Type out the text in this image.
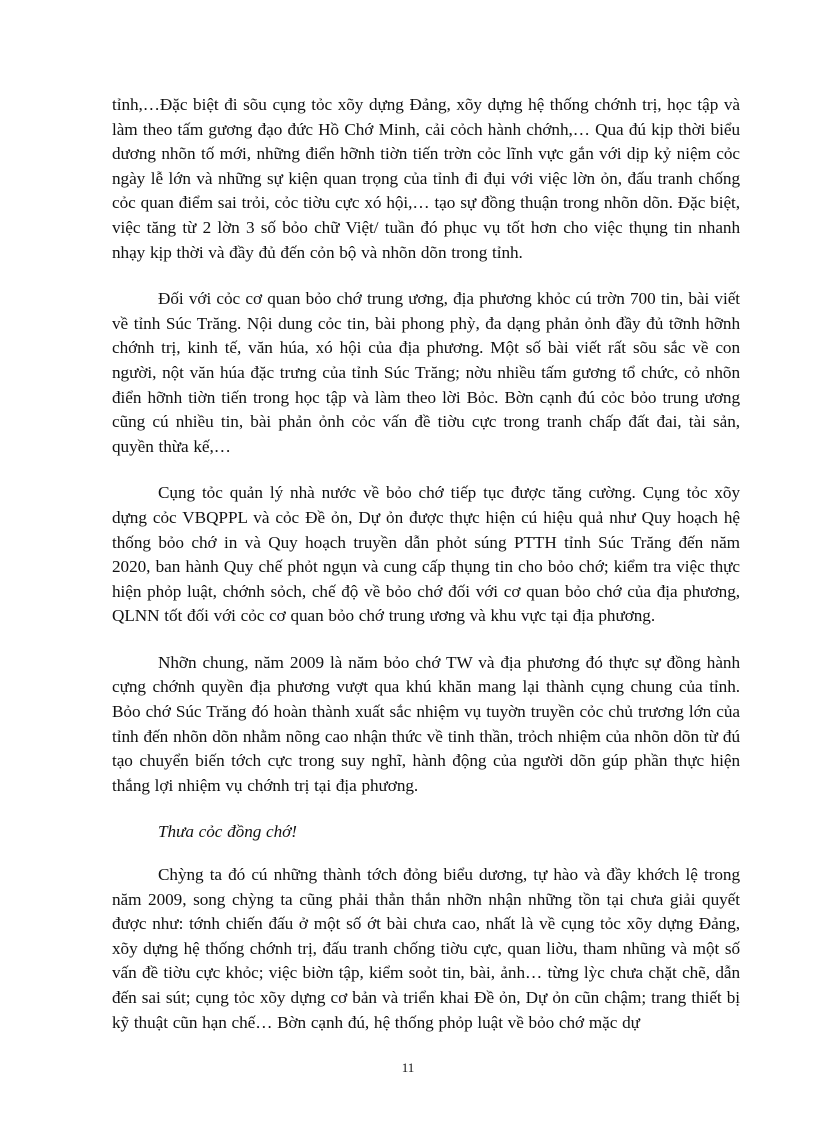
tỉnh,…Đặc biệt đi sõu cụng tỏc xõy dựng Đảng, xõy dựng hệ thống chớnh trị, học tập và làm theo tấm gương đạo đức Hồ Chớ Minh, cải cỏch hành chớnh,… Qua đú kịp thời biểu dương nhõn tố mới, những điển hỡnh tiờn tiến trờn cỏc lĩnh vực gắn với dịp kỷ niệm cỏc ngày lễ lớn và những sự kiện quan trọng của tỉnh đi đụi với việc lờn ỏn, đấu tranh chống cỏc quan điểm sai trỏi, cỏc tiờu cực xó hội,… tạo sự đồng thuận trong nhõn dõn. Đặc biệt, việc tăng từ 2 lờn 3 số bỏo chữ Việt/ tuần đó phục vụ tốt hơn cho việc thụng tin nhanh nhạy kịp thời và đầy đủ đến cỏn bộ và nhõn dõn trong tỉnh.

Đối với cỏc cơ quan bỏo chớ trung ương, địa phương khỏc cú trờn 700 tin, bài viết về tỉnh Súc Trăng. Nội dung cỏc tin, bài phong phỳ, đa dạng phản ỏnh đầy đủ tỡnh hỡnh chớnh trị, kinh tế, văn húa, xó hội của địa phương. Một số bài viết rất sõu sắc về con người, nột văn húa đặc trưng của tỉnh Súc Trăng; nờu nhiều tấm gương tổ chức, cỏ nhõn điển hỡnh tiờn tiến trong học tập và làm theo lời Bỏc. Bờn cạnh đú cỏc bỏo trung ương cũng cú nhiều tin, bài phản ỏnh cỏc vấn đề tiờu cực trong tranh chấp đất đai, tài sản, quyền thừa kế,…

Cụng tỏc quản lý nhà nước về bỏo chớ tiếp tục được tăng cường. Cụng tỏc xõy dựng cỏc VBQPPL và cỏc Đề ỏn, Dự ỏn được thực hiện cú hiệu quả như Quy hoạch hệ thống bỏo chớ in và Quy hoạch truyền dẫn phỏt súng PTTH tỉnh Súc Trăng đến năm 2020, ban hành Quy chế phỏt ngụn và cung cấp thụng tin cho bỏo chớ; kiểm tra việc thực hiện phỏp luật, chớnh sỏch, chế độ về bỏo chớ đối với cơ quan bỏo chớ của địa phương, QLNN tốt đối với cỏc cơ quan bỏo chớ trung ương và khu vực tại địa phương.

Nhỡn chung, năm 2009 là năm bỏo chớ TW và địa phương đó thực sự đồng hành cựng chớnh quyền địa phương vượt qua khú khăn mang lại thành cụng chung của tỉnh. Bỏo chớ Súc Trăng đó hoàn thành xuất sắc nhiệm vụ tuyờn truyền cỏc chủ trương lớn của tỉnh đến nhõn dõn nhằm nõng cao nhận thức về tinh thần, trỏch nhiệm của nhõn dõn từ đú tạo chuyển biến tớch cực trong suy nghĩ, hành động của người dõn gúp phần thực hiện thắng lợi nhiệm vụ chớnh trị tại địa phương.

Thưa cỏc đồng chớ!

Chỳng ta đó cú những thành tớch đỏng biểu dương, tự hào và đầy khớch lệ trong năm 2009, song chỳng ta cũng phải thẳn thắn nhỡn nhận những tồn tại chưa giải quyết được như: tớnh chiến đấu ở một số ớt bài chưa cao, nhất là về cụng tỏc xõy dựng Đảng, xõy dựng hệ thống chớnh trị, đấu tranh chống tiờu cực, quan liờu, tham nhũng và một số vấn đề tiờu cực khỏc; việc biờn tập, kiểm soỏt tin, bài, ảnh… từng lỳc chưa chặt chẽ, dẫn đến sai sút; cụng tỏc xõy dựng cơ bản và triển khai Đề ỏn, Dự ỏn cũn chậm; trang thiết bị kỹ thuật cũn hạn chế… Bờn cạnh đú, hệ thống phỏp luật về bỏo chớ mặc dự

11
